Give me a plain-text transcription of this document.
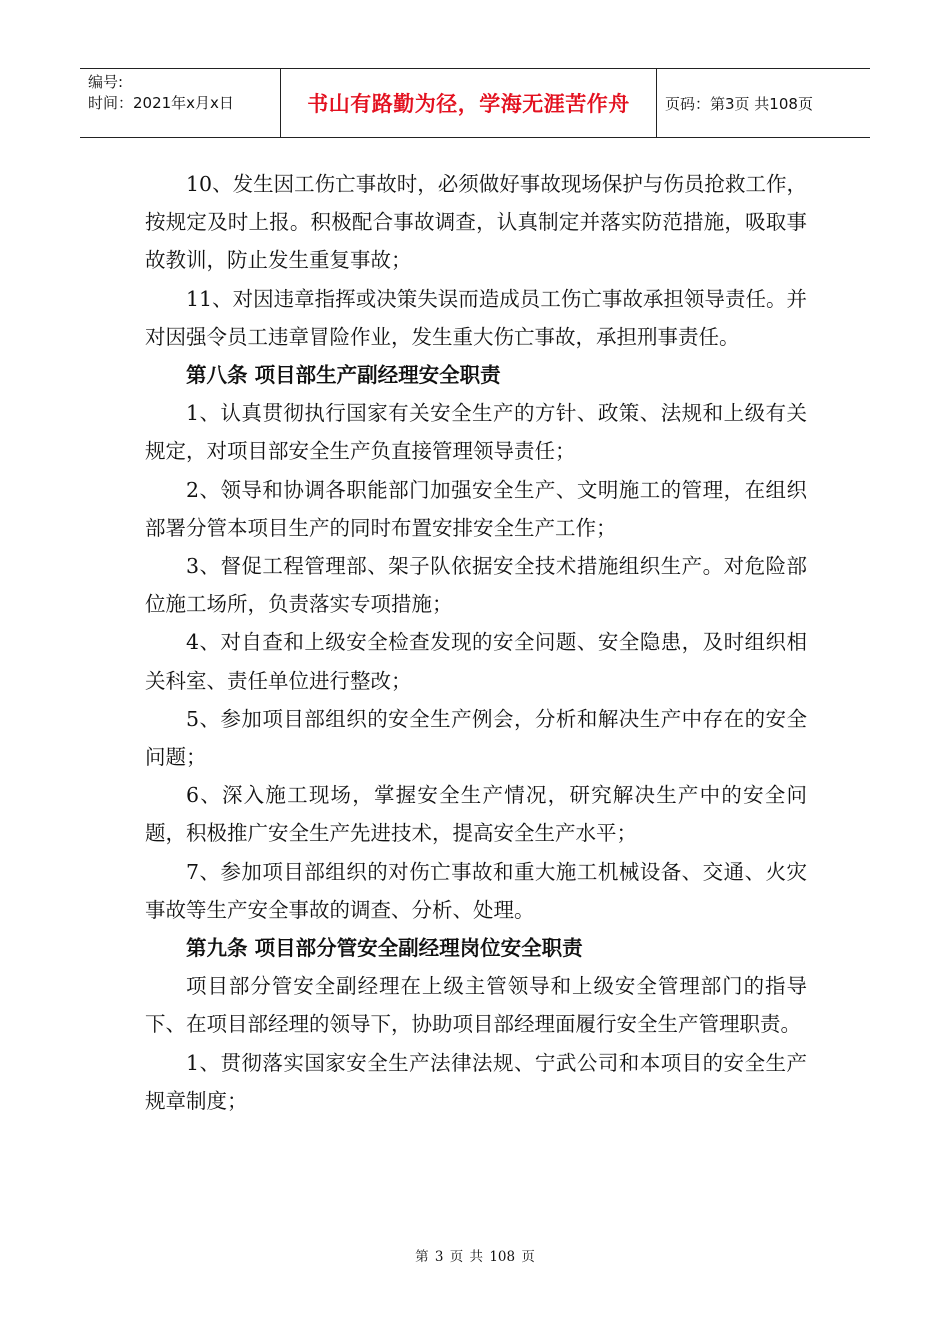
编号:
时间：2021年x月x日	书山有路勤为径，学海无涯苦作舟	页码：第3页 共108页

10、发生因工伤亡事故时，必须做好事故现场保护与伤员抢救工作，按规定及时上报。积极配合事故调查，认真制定并落实防范措施，吸取事故教训，防止发生重复事故；

11、对因违章指挥或决策失误而造成员工伤亡事故承担领导责任。并对因强令员工违章冒险作业，发生重大伤亡事故，承担刑事责任。

第八条 项目部生产副经理安全职责

1、认真贯彻执行国家有关安全生产的方针、政策、法规和上级有关规定，对项目部安全生产负直接管理领导责任；

2、领导和协调各职能部门加强安全生产、文明施工的管理，在组织部署分管本项目生产的同时布置安排安全生产工作；

3、督促工程管理部、架子队依据安全技术措施组织生产。对危险部位施工场所，负责落实专项措施；

4、对自查和上级安全检查发现的安全问题、安全隐患，及时组织相关科室、责任单位进行整改；

5、参加项目部组织的安全生产例会，分析和解决生产中存在的安全问题；

6、深入施工现场，掌握安全生产情况，研究解决生产中的安全问题，积极推广安全生产先进技术，提高安全生产水平；

7、参加项目部组织的对伤亡事故和重大施工机械设备、交通、火灾事故等生产安全事故的调查、分析、处理。

第九条 项目部分管安全副经理岗位安全职责

项目部分管安全副经理在上级主管领导和上级安全管理部门的指导下、在项目部经理的领导下，协助项目部经理面履行安全生产管理职责。

1、贯彻落实国家安全生产法律法规、宁武公司和本项目的安全生产规章制度；

第 3 页 共 108 页
